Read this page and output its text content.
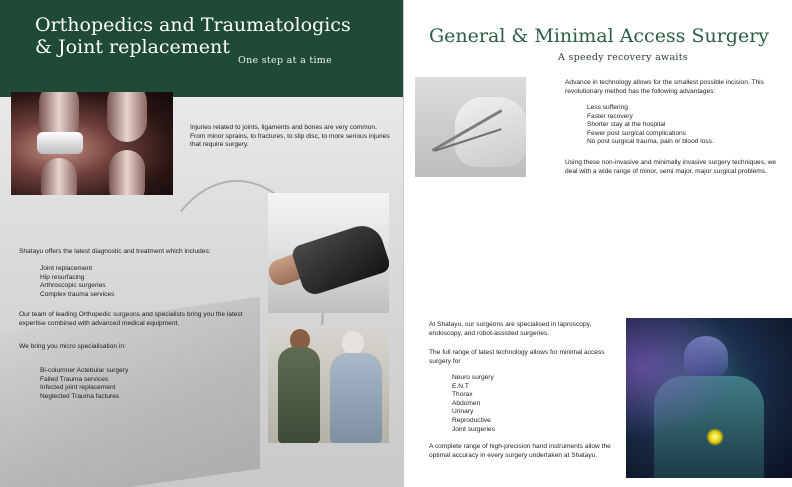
Orthopedics and Traumatologics
& Joint replacement
One step at a time

Injuries related to joints, ligaments and bones are very common. From minor sprains, to fractures, to slip disc, to more serious injuries that require surgery.

Shatayu offers the latest diagnostic and treatment which includes:

Joint replacement
Hip resurfacing
Arthroscopic surgeries
Complex trauma services

Our team of leading Orthopedic surgeons and specialists bring you the latest expertise combined with advanced medical equipment.

We bring you micro specialisation in:

Bi-columner Actebular surgery
Failed Trauma services
Infected joint replacement
Neglected Trauma factures
General & Minimal Access Surgery
A speedy recovery awaits

Advance in technology allows for the smallest possible incision. This revolutionary method has the following advantages:

Less suffering
Faster recovery
Shorter stay at the hospital
Fewer post surgical complications
No post surgical trauma, pain or blood loss.

Using these non-invasive and minimally invasive surgery techniques, we deal with a wide range of minor, semi major, major surgical problems.

At Shatayu, our surgeons are specialised in laproscopy, endoscopy, and robot-assisted surgeries.

The full range of latest technology allows for minimal access surgery for

Neuro surgery
E.N.T
Thorax
Abdomen
Urinary
Reproductive
Joint surgeries

A complete range of high-precision hand instruments allow the optimal accuracy in every surgery undertaken at Shatayu.
